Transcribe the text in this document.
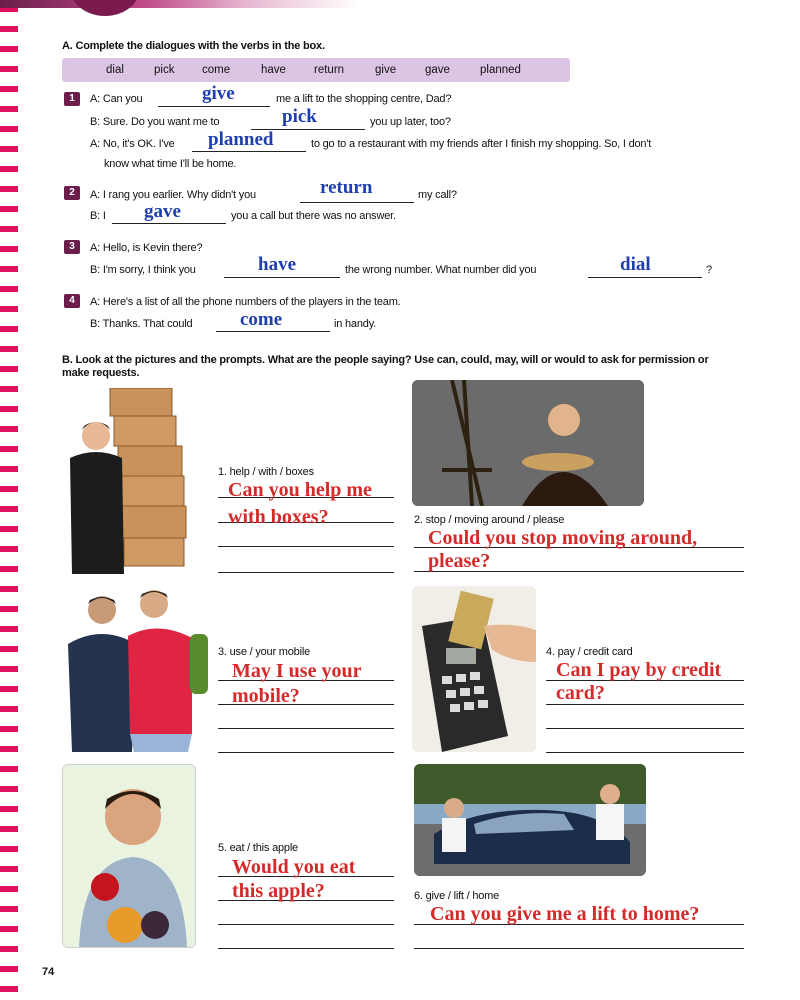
A. Complete the dialogues with the verbs in the box.
dial	pick come	have return	give	gave	planned
1	A: Can you	give	me a lift to the shopping centre, Dad?
B: Sure. Do you want me to	pick	you up later, too?
A: No, it's OK. I've planned	to go to a restaurant with my friends after I finish my shopping. So, I don't
know what time I'll be home.
2	A: I rang you earlier. Why didn't you	return	my call?
B: I gave	you a call but there was no answer.
3	A: Hello, is Kevin there?
B: I'm sorry, I think you	have	the wrong number. What number did you	dial	?
4	A: Here's a list of all the phone numbers of the players in the team.
B: Thanks. That could	come	in handy.
B. Look at the pictures and the prompts. What are the people saying? Use can, could, may, will or would to ask for permission or
make requests.
1. help / with / boxes
Can you help me
with boxes?	2. stop / moving around / please
Could you stop moving around,
please?
3. use / your mobile
May I use your
mobile?
4. pay / credit card
Can I pay by credit
card?
5. eat / this apple
Would you eat
this apple?	6. give / lift / home
Can you give me a lift to home?
74
